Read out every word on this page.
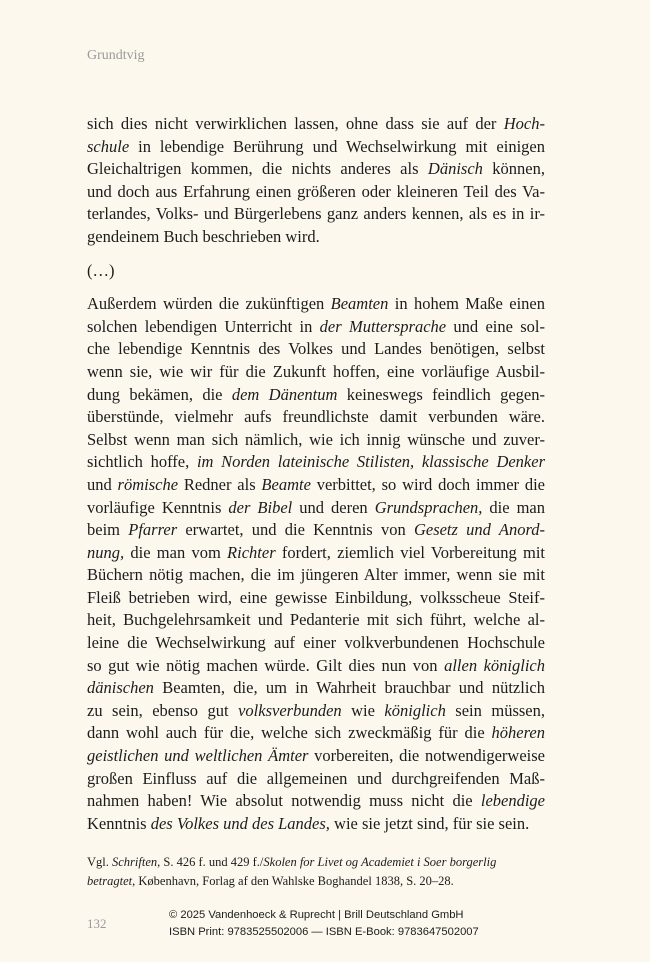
Grundtvig
sich dies nicht verwirklichen lassen, ohne dass sie auf der Hoch-
schule in lebendige Berührung und Wechselwirkung mit einigen
Gleichaltrigen kommen, die nichts anderes als Dänisch können,
und doch aus Erfahrung einen größeren oder kleineren Teil des Va-
terlandes, Volks- und Bürgerlebens ganz anders kennen, als es in ir-
gendeinem Buch beschrieben wird.
(…)
Außerdem würden die zukünftigen Beamten in hohem Maße einen
solchen lebendigen Unterricht in der Muttersprache und eine sol-
che lebendige Kenntnis des Volkes und Landes benötigen, selbst
wenn sie, wie wir für die Zukunft hoffen, eine vorläufige Ausbil-
dung bekämen, die dem Dänentum keineswegs feindlich gegen-
überstünde, vielmehr aufs freundlichste damit verbunden wäre.
Selbst wenn man sich nämlich, wie ich innig wünsche und zuver-
sichtlich hoffe, im Norden lateinische Stilisten, klassische Denker
und römische Redner als Beamte verbittet, so wird doch immer die
vorläufige Kenntnis der Bibel und deren Grundsprachen, die man
beim Pfarrer erwartet, und die Kenntnis von Gesetz und Anord-
nung, die man vom Richter fordert, ziemlich viel Vorbereitung mit
Büchern nötig machen, die im jüngeren Alter immer, wenn sie mit
Fleiß betrieben wird, eine gewisse Einbildung, volksscheue Steif-
heit, Buchgelehrsamkeit und Pedanterie mit sich führt, welche al-
leine die Wechselwirkung auf einer volkverbundenen Hochschule
so gut wie nötig machen würde. Gilt dies nun von allen königlich
dänischen Beamten, die, um in Wahrheit brauchbar und nützlich
zu sein, ebenso gut volksverbunden wie königlich sein müssen,
dann wohl auch für die, welche sich zweckmäßig für die höheren
geistlichen und weltlichen Ämter vorbereiten, die notwendigerweise
großen Einfluss auf die allgemeinen und durchgreifenden Maß-
nahmen haben! Wie absolut notwendig muss nicht die lebendige
Kenntnis des Volkes und des Landes, wie sie jetzt sind, für sie sein.
Vgl. Schriften, S. 426 f. und 429 f./Skolen for Livet og Academiet i Soer borgerlig
betragtet, København, Forlag af den Wahlske Boghandel 1838, S. 20–28.
132
© 2025 Vandenhoeck & Ruprecht | Brill Deutschland GmbH
ISBN Print: 9783525502006 — ISBN E-Book: 9783647502007
